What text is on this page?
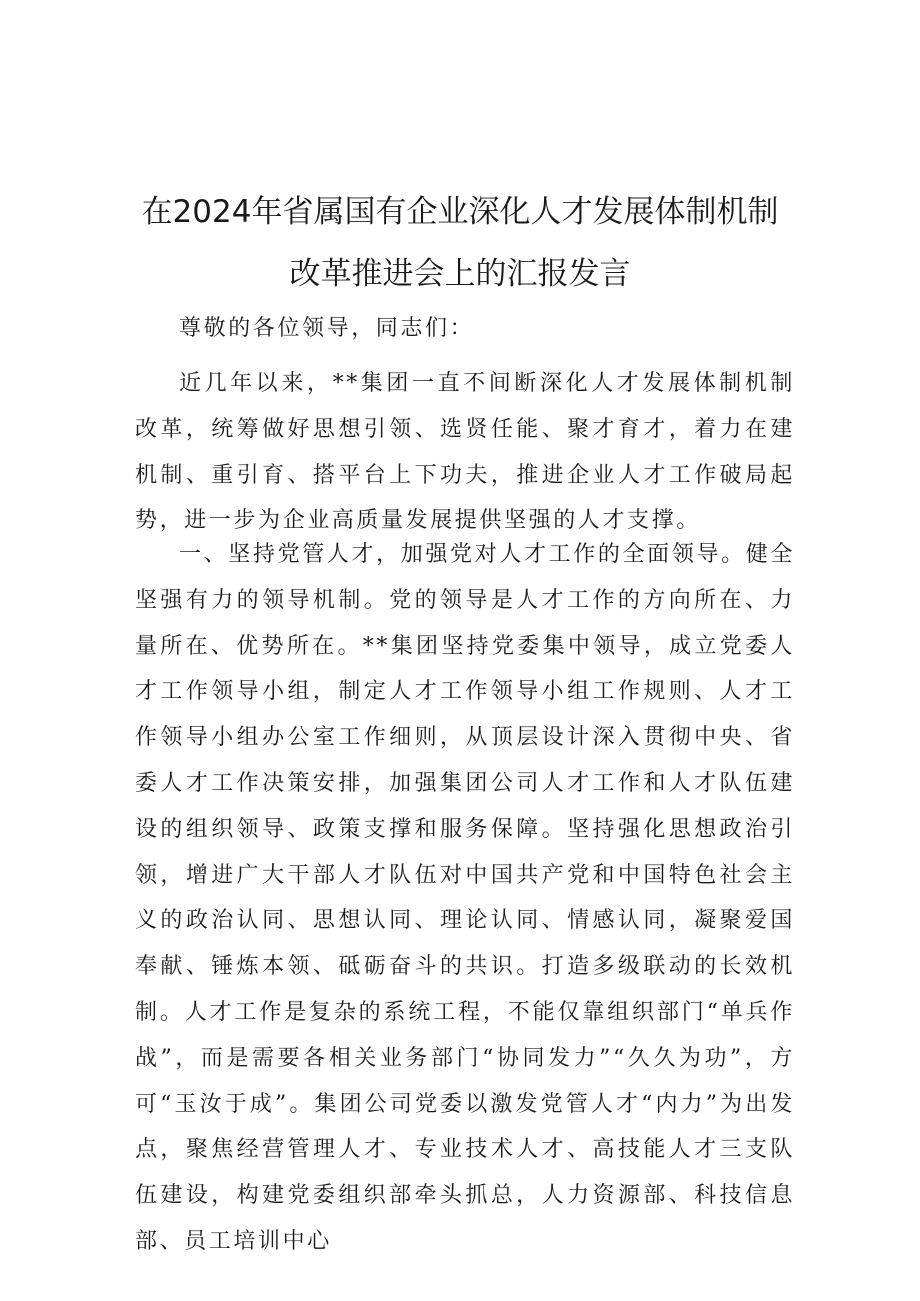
在2024年省属国有企业深化人才发展体制机制
改革推进会上的汇报发言

尊敬的各位领导，同志们：

近几年以来，**集团一直不间断深化人才发展体制机制改革，统筹做好思想引领、选贤任能、聚才育才，着力在建机制、重引育、搭平台上下功夫，推进企业人才工作破局起势，进一步为企业高质量发展提供坚强的人才支撑。

一、坚持党管人才，加强党对人才工作的全面领导。健全坚强有力的领导机制。党的领导是人才工作的方向所在、力量所在、优势所在。**集团坚持党委集中领导，成立党委人才工作领导小组，制定人才工作领导小组工作规则、人才工作领导小组办公室工作细则，从顶层设计深入贯彻中央、省委人才工作决策安排，加强集团公司人才工作和人才队伍建设的组织领导、政策支撑和服务保障。坚持强化思想政治引领，增进广大干部人才队伍对中国共产党和中国特色社会主义的政治认同、思想认同、理论认同、情感认同，凝聚爱国奉献、锤炼本领、砥砺奋斗的共识。打造多级联动的长效机制。人才工作是复杂的系统工程，不能仅靠组织部门“单兵作战”，而是需要各相关业务部门“协同发力”“久久为功”，方可“玉汝于成”。集团公司党委以激发党管人才“内力”为出发点，聚焦经营管理人才、专业技术人才、高技能人才三支队伍建设，构建党委组织部牵头抓总，人力资源部、科技信息部、员工培训中心
